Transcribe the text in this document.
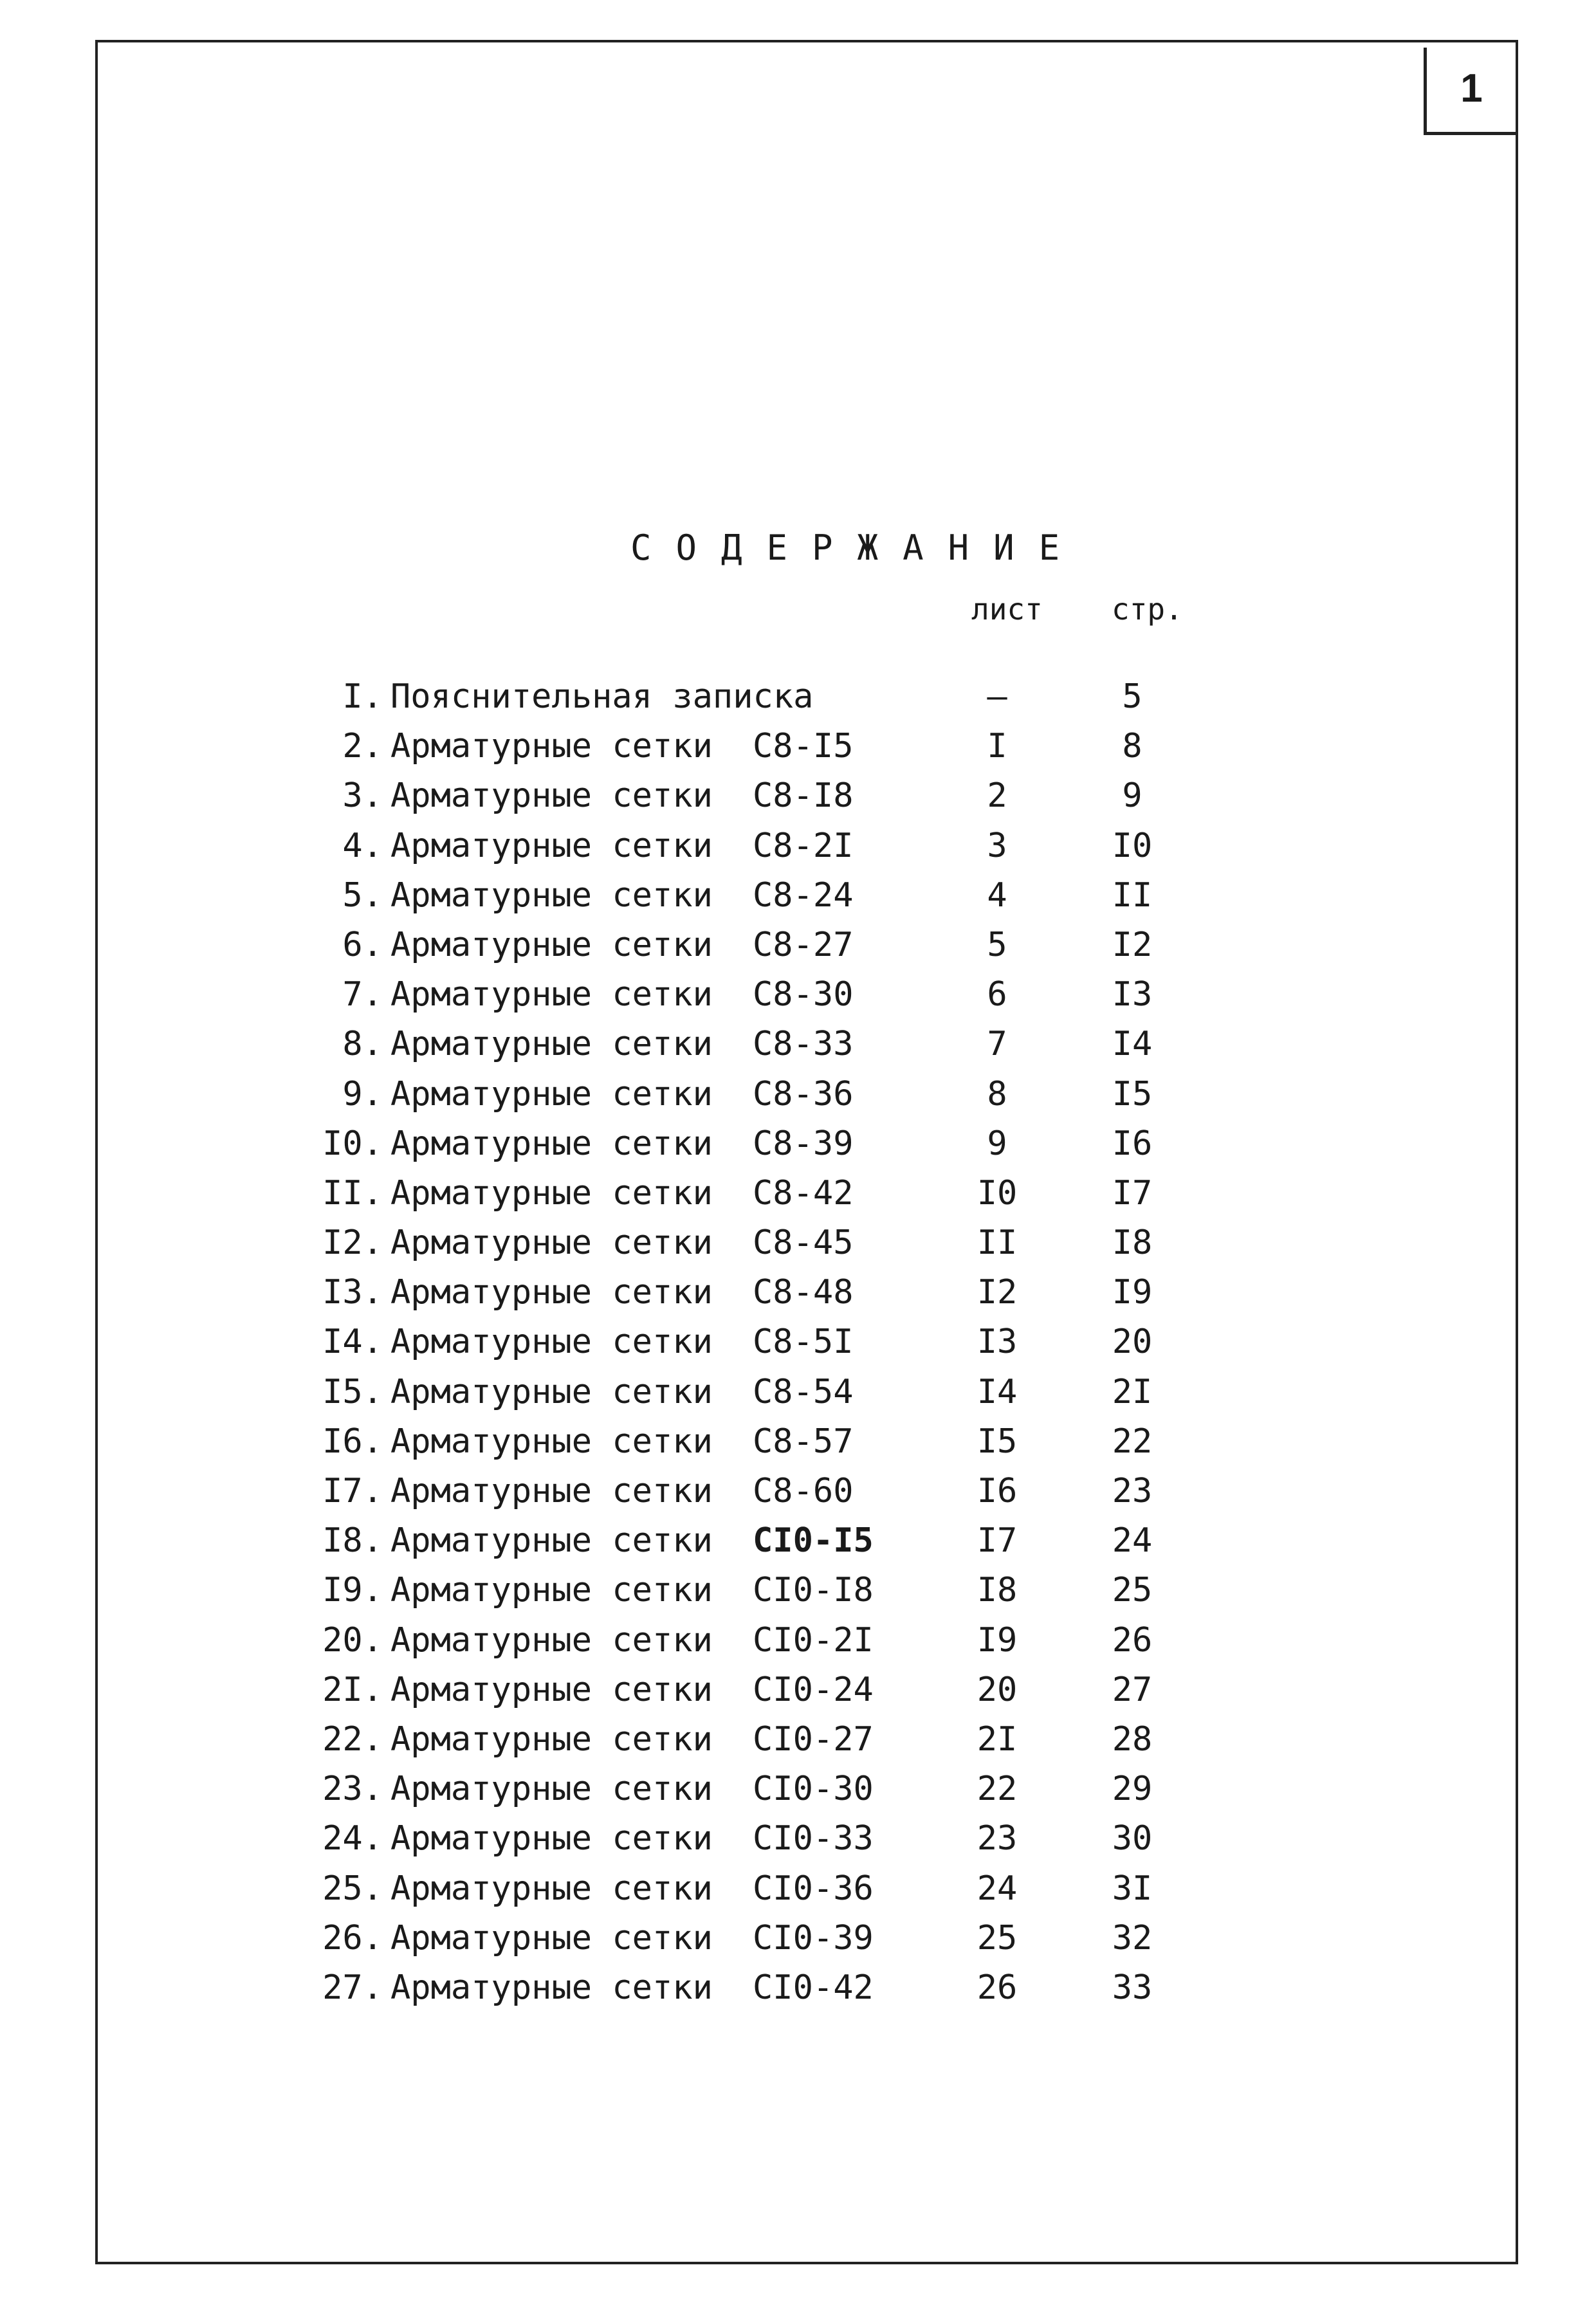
1
СОДЕРЖАНИЕ
лист стр.
I. Пояснительная записка	–	5
2. Арматурные сетки С8-I5	I	8
3. Арматурные сетки С8-I8	2	9
4. Арматурные сетки С8-2I	3	I0
5. Арматурные сетки С8-24	4	II
6. Арматурные сетки С8-27	5	I2
7. Арматурные сетки С8-30	6	I3
8. Арматурные сетки С8-33	7	I4
9. Арматурные сетки С8-36	8	I5
I0. Арматурные сетки С8-39	9	I6
II. Арматурные сетки С8-42	I0	I7
I2. Арматурные сетки С8-45	II	I8
I3. Арматурные сетки С8-48	I2	I9
I4. Арматурные сетки С8-5I	I3	20
I5. Арматурные сетки С8-54	I4	2I
I6. Арматурные сетки С8-57	I5	22
I7. Арматурные сетки С8-60	I6	23
I8. Арматурные сетки СI0-I5	I7	24
I9. Арматурные сетки СI0-I8	I8	25
20. Арматурные сетки СI0-2I	I9	26
2I. Арматурные сетки СI0-24	20	27
22. Арматурные сетки СI0-27	2I	28
23. Арматурные сетки СI0-30	22	29
24. Арматурные сетки СI0-33	23	30
25. Арматурные сетки СI0-36	24	3I
26. Арматурные сетки СI0-39	25	32
27. Арматурные сетки СI0-42	26	33
